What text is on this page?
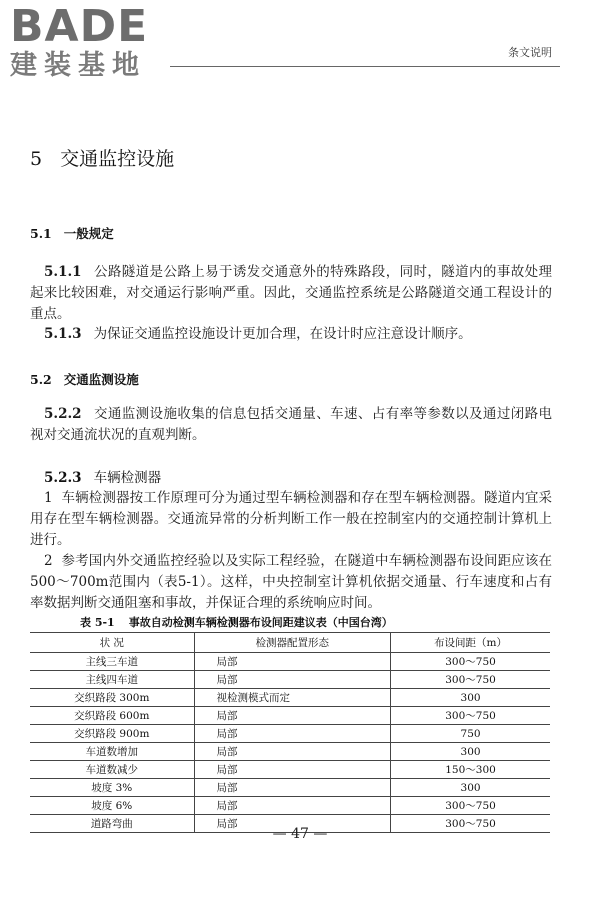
BADE
建装基地	条文说明
5 交通监控设施
5.1 一般规定
5.1.1 公路隧道是公路上易于诱发交通意外的特殊路段，同时，隧道内的事故处理起来比较困难，对交通运行影响严重。因此，交通监控系统是公路隧道交通工程设计的重点。
5.1.3 为保证交通监控设施设计更加合理，在设计时应注意设计顺序。
5.2 交通监测设施
5.2.2 交通监测设施收集的信息包括交通量、车速、占有率等参数以及通过闭路电视对交通流状况的直观判断。
5.2.3 车辆检测器
1 车辆检测器按工作原理可分为通过型车辆检测器和存在型车辆检测器。隧道内宜采用存在型车辆检测器。交通流异常的分析判断工作一般在控制室内的交通控制计算机上进行。
2 参考国内外交通监控经验以及实际工程经验，在隧道中车辆检测器布设间距应该在500～700m范围内（表5-1）。这样，中央控制室计算机依据交通量、行车速度和占有率数据判断交通阻塞和事故，并保证合理的系统响应时间。
表 5-1 事故自动检测车辆检测器布设间距建议表（中国台湾）
状 况	检测器配置形态	布设间距（m）
主线三车道	局部	300～750
主线四车道	局部	300～750
交织路段 300m	视检测模式而定	300
交织路段 600m	局部	300～750
交织路段 900m	局部	750
车道数增加	局部	300
车道数减少	局部	150～300
坡度 3%	局部	300
坡度 6%	局部	300～750
道路弯曲	局部	300～750
— 47 —
